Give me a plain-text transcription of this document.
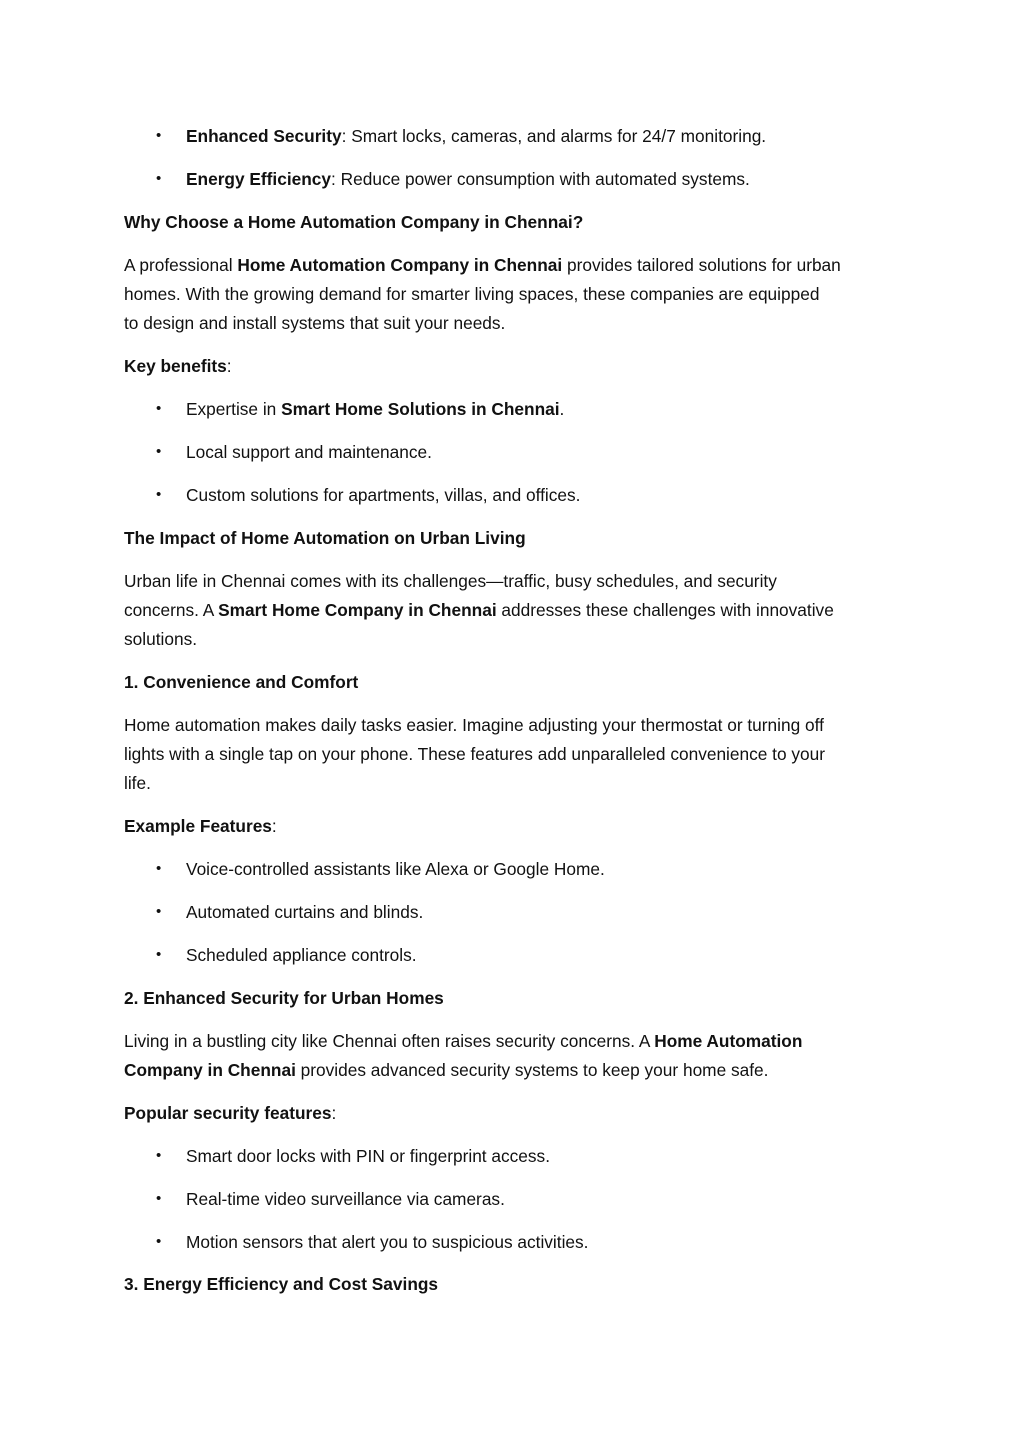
• Enhanced Security: Smart locks, cameras, and alarms for 24/7 monitoring.
• Energy Efficiency: Reduce power consumption with automated systems.
Why Choose a Home Automation Company in Chennai?
A professional Home Automation Company in Chennai provides tailored solutions for urban
homes. With the growing demand for smarter living spaces, these companies are equipped
to design and install systems that suit your needs.
Key benefits:
• Expertise in Smart Home Solutions in Chennai.
• Local support and maintenance.
• Custom solutions for apartments, villas, and offices.
The Impact of Home Automation on Urban Living
Urban life in Chennai comes with its challenges—traffic, busy schedules, and security
concerns. A Smart Home Company in Chennai addresses these challenges with innovative
solutions.
1. Convenience and Comfort
Home automation makes daily tasks easier. Imagine adjusting your thermostat or turning off
lights with a single tap on your phone. These features add unparalleled convenience to your
life.
Example Features:
• Voice-controlled assistants like Alexa or Google Home.
• Automated curtains and blinds.
• Scheduled appliance controls.
2. Enhanced Security for Urban Homes
Living in a bustling city like Chennai often raises security concerns. A Home Automation
Company in Chennai provides advanced security systems to keep your home safe.
Popular security features:
• Smart door locks with PIN or fingerprint access.
• Real-time video surveillance via cameras.
• Motion sensors that alert you to suspicious activities.
3. Energy Efficiency and Cost Savings
